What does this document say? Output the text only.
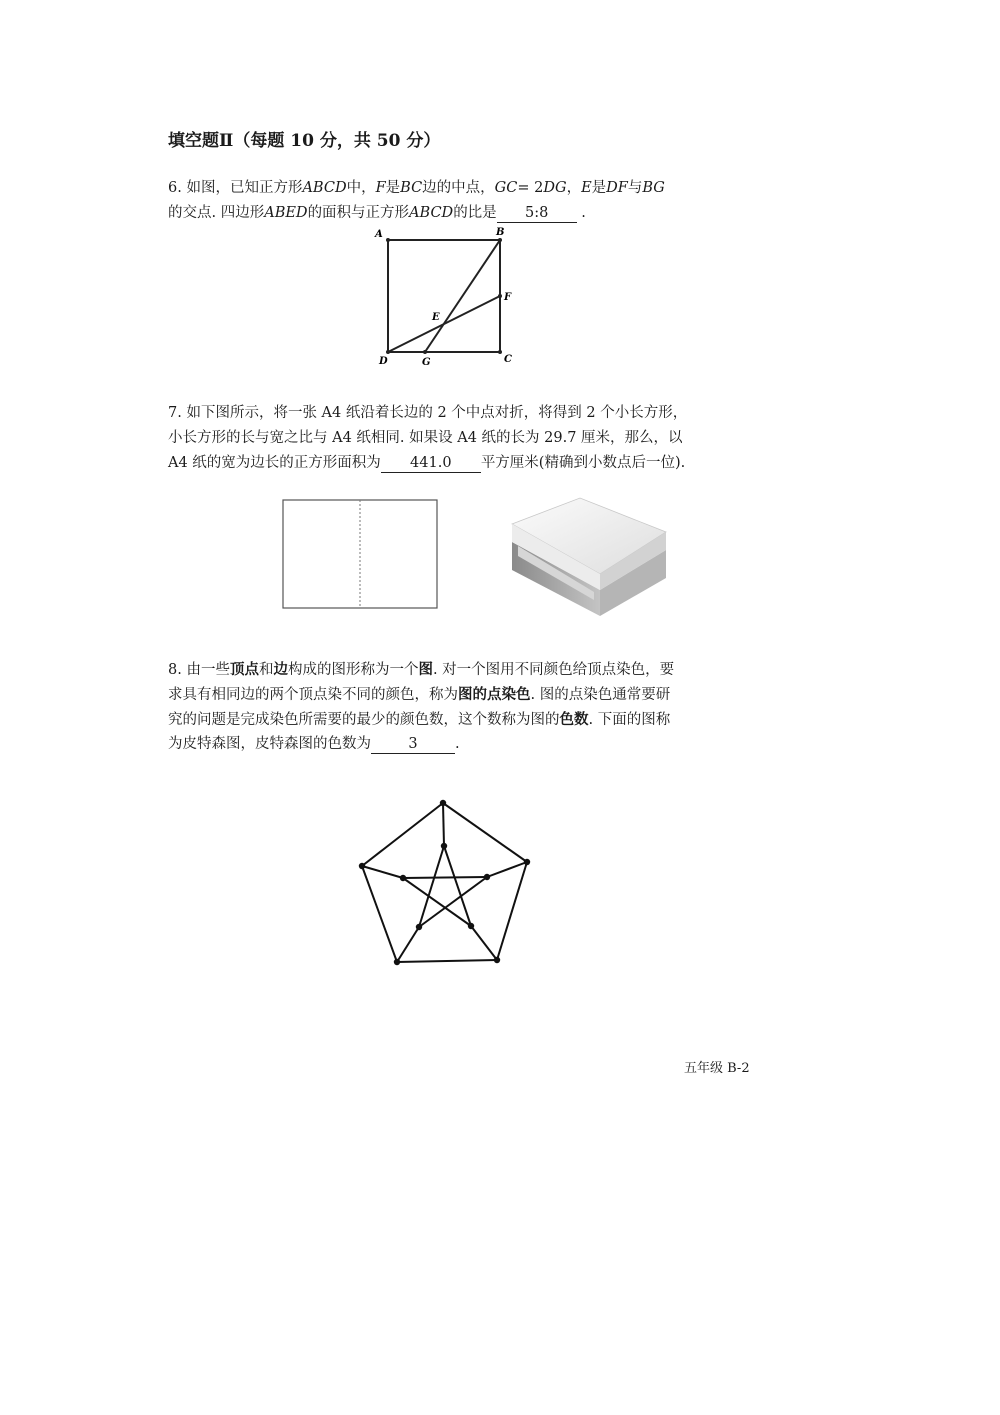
填空题Ⅱ（每题 10 分，共 50 分）
6. 如图，已知正方形ABCD中，F是BC边的中点，GC= 2DG，E是DF与BG
的交点. 四边形ABED的面积与正方形ABCD的比是 5:8 .
A	B
C
D
E
F
G
7. 如下图所示，将一张 A4 纸沿着长边的 2 个中点对折，将得到 2 个小长方形，
小长方形的长与宽之比与 A4 纸相同. 如果设 A4 纸的长为 29.7 厘米，那么，以
A4 纸的宽为边长的正方形面积为 441.0 平方厘米(精确到小数点后一位).
8. 由一些顶点和边构成的图形称为一个图. 对一个图用不同颜色给顶点染色，要
求具有相同边的两个顶点染不同的颜色，称为图的点染色. 图的点染色通常要研
究的问题是完成染色所需要的最少的颜色数，这个数称为图的色数. 下面的图称
为皮特森图，皮特森图的色数为	3	.
五年级 B-2
